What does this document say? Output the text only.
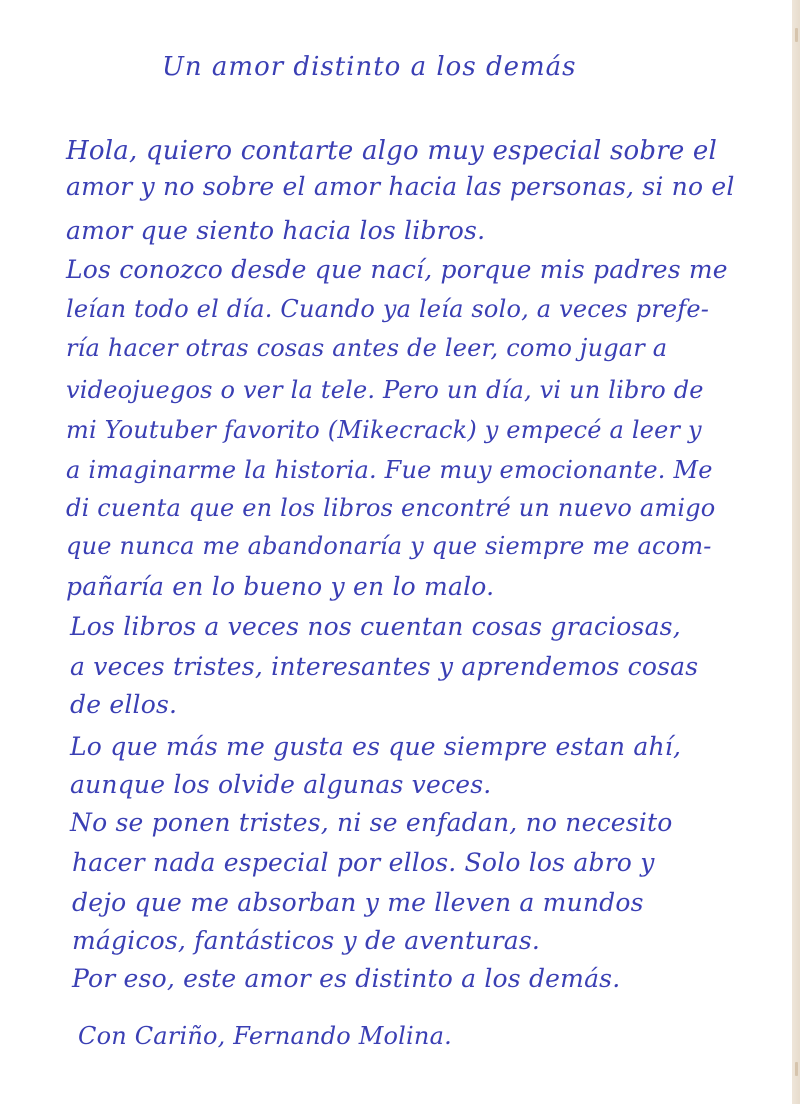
Un amor distinto a los demás

Hola, quiero contarte algo muy especial sobre el

amor y no sobre el amor hacia las personas, si no el

amor que siento hacia los libros.

Los conozco desde que nací, porque mis padres me

leían todo el día. Cuando ya leía solo, a veces prefe-

ría hacer otras cosas antes de leer, como jugar a

videojuegos o ver la tele. Pero un día, vi un libro de

mi Youtuber favorito (Mikecrack) y empecé a leer y

a imaginarme la historia. Fue muy emocionante. Me

di cuenta que en los libros encontré un nuevo amigo

que nunca me abandonaría y que siempre me acom-

pañaría en lo bueno y en lo malo.

Los libros a veces nos cuentan cosas graciosas,

a veces tristes, interesantes y aprendemos cosas

de ellos.

Lo que más me gusta es que siempre estan ahí,

aunque los olvide algunas veces.

No se ponen tristes, ni se enfadan, no necesito

hacer nada especial por ellos. Solo los abro y

dejo que me absorban y me lleven a mundos

mágicos, fantásticos y de aventuras.

Por eso, este amor es distinto a los demás.

Con Cariño, Fernando Molina.
